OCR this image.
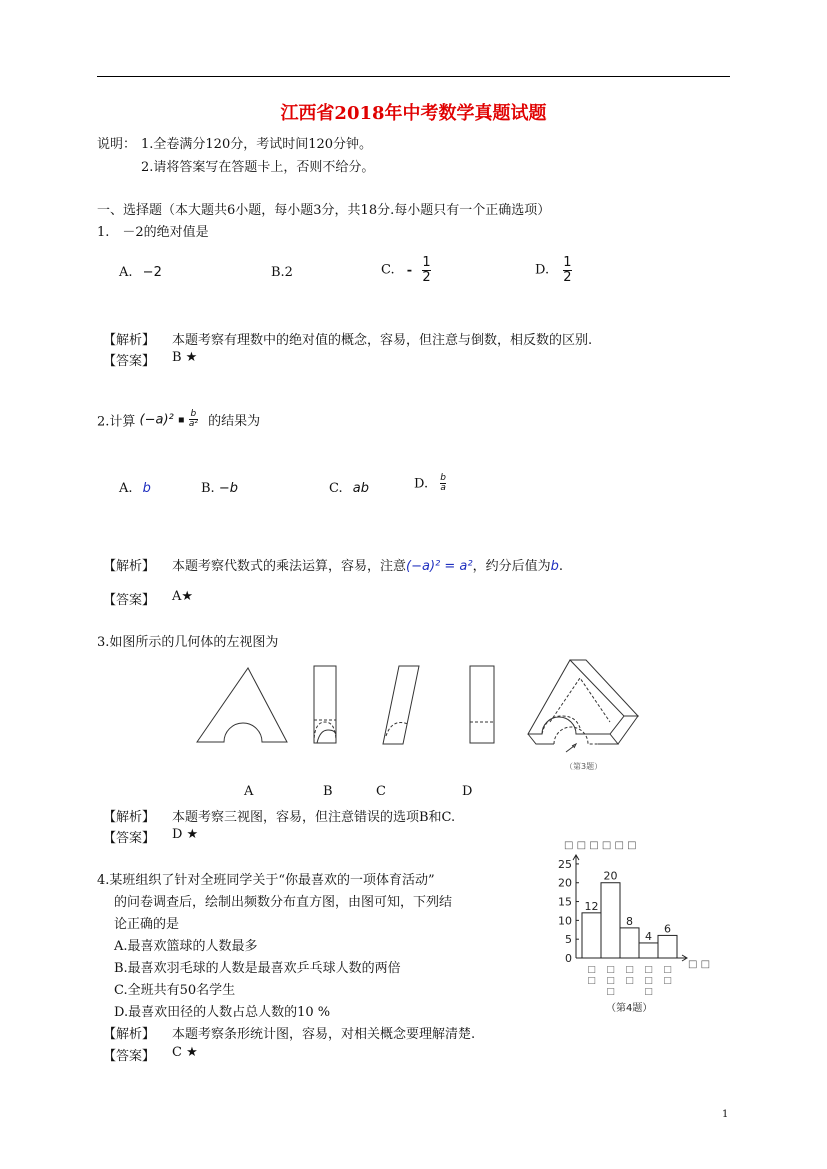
江西省2018年中考数学真题试题
说明： 1.全卷满分120分，考试时间120分钟。
2.请将答案写在答题卡上，否则不给分。
一、选择题（本大题共6小题，每小题3分，共18分.每小题只有一个正确选项）
1.　－2的绝对值是
A. −2	B.2	C. - $\frac{1}{2}$	D. $\frac{1}{2}$
【解析】 本题考察有理数中的绝对值的概念，容易，但注意与倒数，相反数的区别.
【答案】 B ★
2.计算 (−a)² ▪ $\frac{b}{\text{a²}}$ 的结果为
A. b	B. −b	C. ab	D. $\frac{b}{a}$
【解析】 本题考察代数式的乘法运算，容易，注意(−a)² = a²，约分后值为b.
【答案】 A★
3.如图所示的几何体的左视图为
（第3题）
A	B	C	D
【解析】 本题考察三视图，容易，但注意错误的选项B和C.
【答案】 D ★
4.某班组织了针对全班同学关于“你最喜欢的一项体育活动”
的问卷调查后，绘制出频数分布直方图，由图可知，下列结
论正确的是
A.最喜欢篮球的人数最多
B.最喜欢羽毛球的人数是最喜欢乒乓球人数的两倍
C.全班共有50名学生
D.最喜欢田径的人数占总人数的10 %
【解析】 本题考察条形统计图，容易，对相关概念要理解清楚.
【答案】 C ★
□ □ □ □ □ □
0
5
10
15
20
25
12
20
8
4
6
□ □
□ □ □
□ □
□ □ □
□ □
□ □
（第4题）
1
